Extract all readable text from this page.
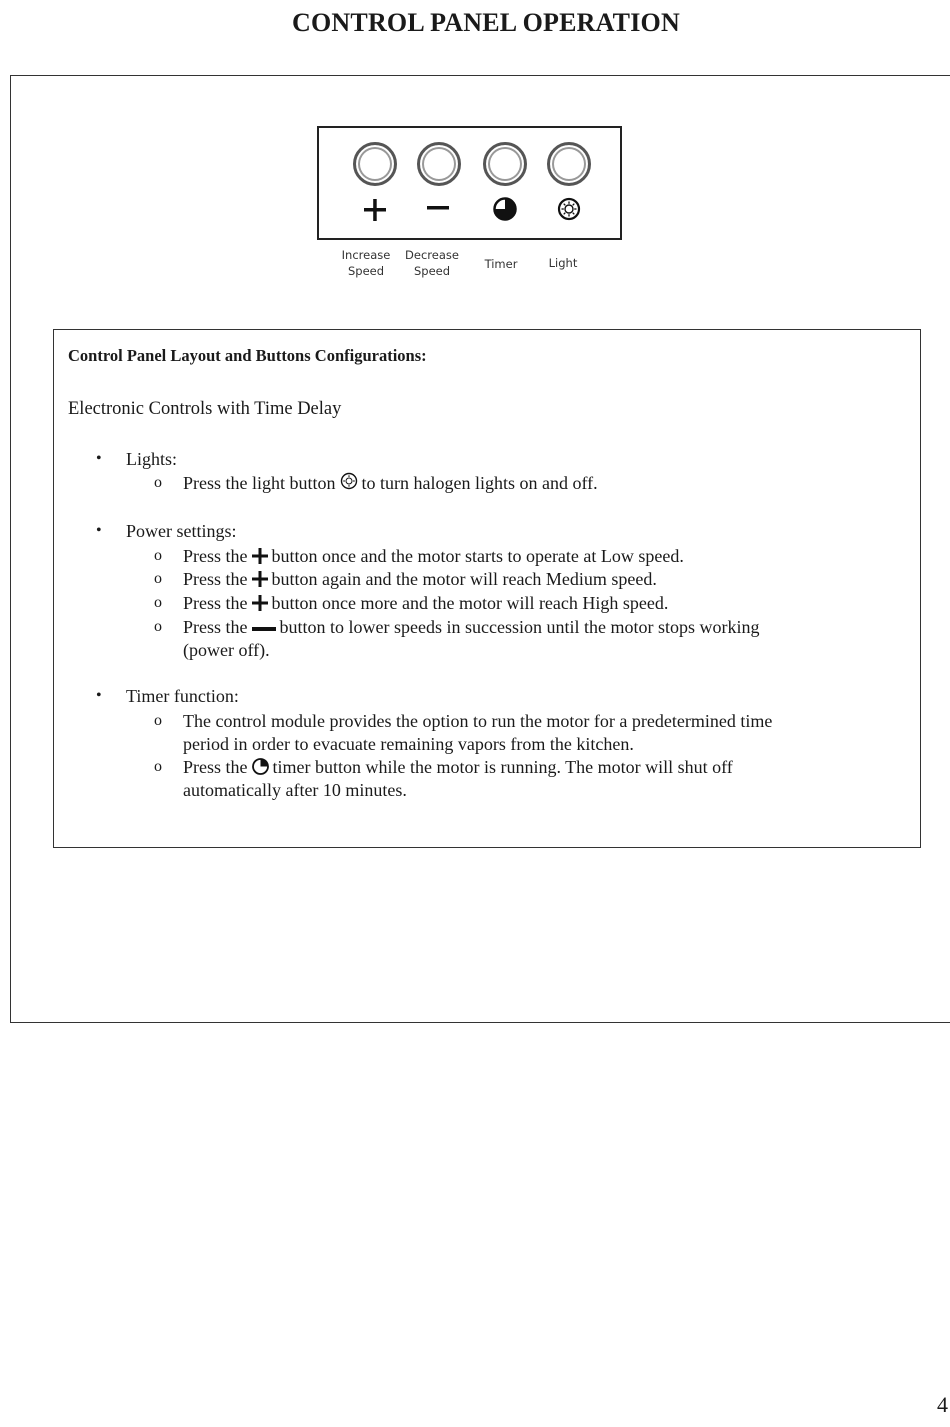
CONTROL PANEL OPERATION
Increase
Speed
Decrease
Speed	Timer	Light
Control Panel Layout and Buttons Configurations:
Electronic Controls with Time Delay
• Lights:
o Press the light button to turn halogen lights on and off.
• Power settings:
o Press the button once and the motor starts to operate at Low speed.
o Press the button again and the motor will reach Medium speed.
o Press the button once more and the motor will reach High speed.
o Press the button to lower speeds in succession until the motor stops working
(power off).
• Timer function:
o The control module provides the option to run the motor for a predetermined time
period in order to evacuate remaining vapors from the kitchen.
o Press the timer button while the motor is running. The motor will shut off
automatically after 10 minutes.
4
